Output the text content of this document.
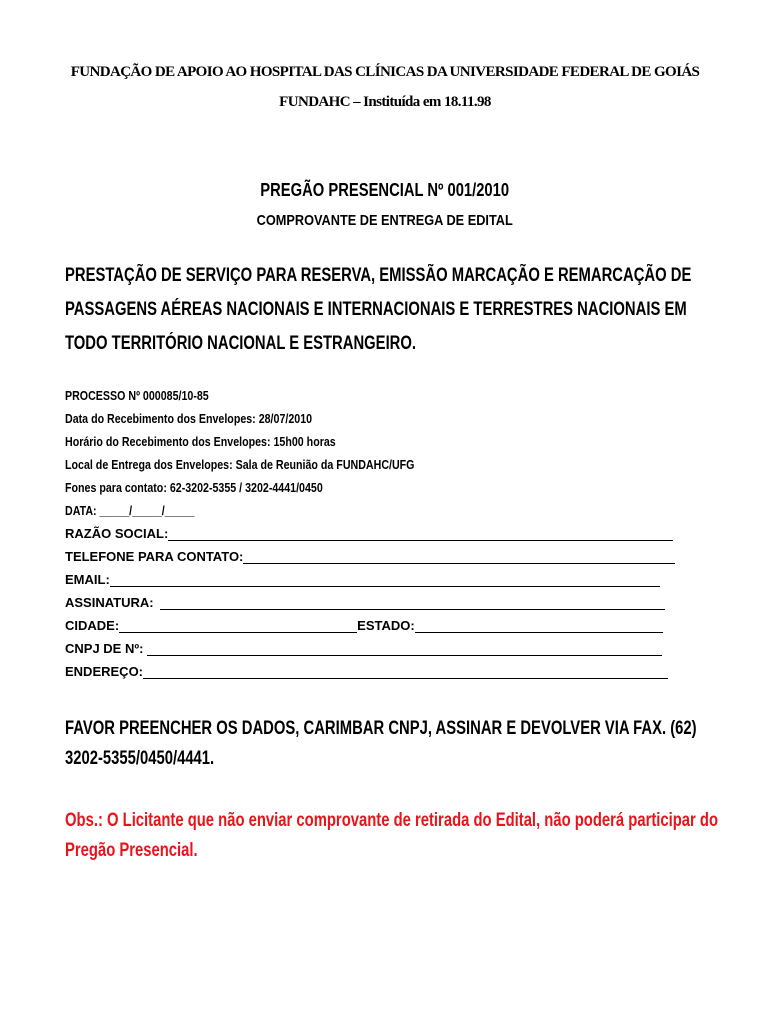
FUNDAÇÃO DE APOIO AO HOSPITAL DAS CLÍNICAS DA UNIVERSIDADE FEDERAL DE GOIÁS
FUNDAHC – Instituída em 18.11.98
PREGÃO PRESENCIAL Nº 001/2010
COMPROVANTE DE ENTREGA DE EDITAL
PRESTAÇÃO DE SERVIÇO PARA RESERVA, EMISSÃO MARCAÇÃO E REMARCAÇÃO DE
PASSAGENS AÉREAS NACIONAIS E INTERNACIONAIS E TERRESTRES NACIONAIS EM
TODO TERRITÓRIO NACIONAL E ESTRANGEIRO.
PROCESSO Nº 000085/10-85
Data do Recebimento dos Envelopes: 28/07/2010
Horário do Recebimento dos Envelopes: 15h00 horas
Local de Entrega dos Envelopes: Sala de Reunião da FUNDAHC/UFG
Fones para contato: 62-3202-5355 / 3202-4441/0450
DATA: _____/_____/_____
RAZÃO SOCIAL:
TELEFONE PARA CONTATO:
EMAIL:
ASSINATURA:
CIDADE:	ESTADO:
CNPJ DE Nº:
ENDEREÇO:
FAVOR PREENCHER OS DADOS, CARIMBAR CNPJ, ASSINAR E DEVOLVER VIA FAX. (62)
3202-5355/0450/4441.
Obs.: O Licitante que não enviar comprovante de retirada do Edital, não poderá participar do
Pregão Presencial.
